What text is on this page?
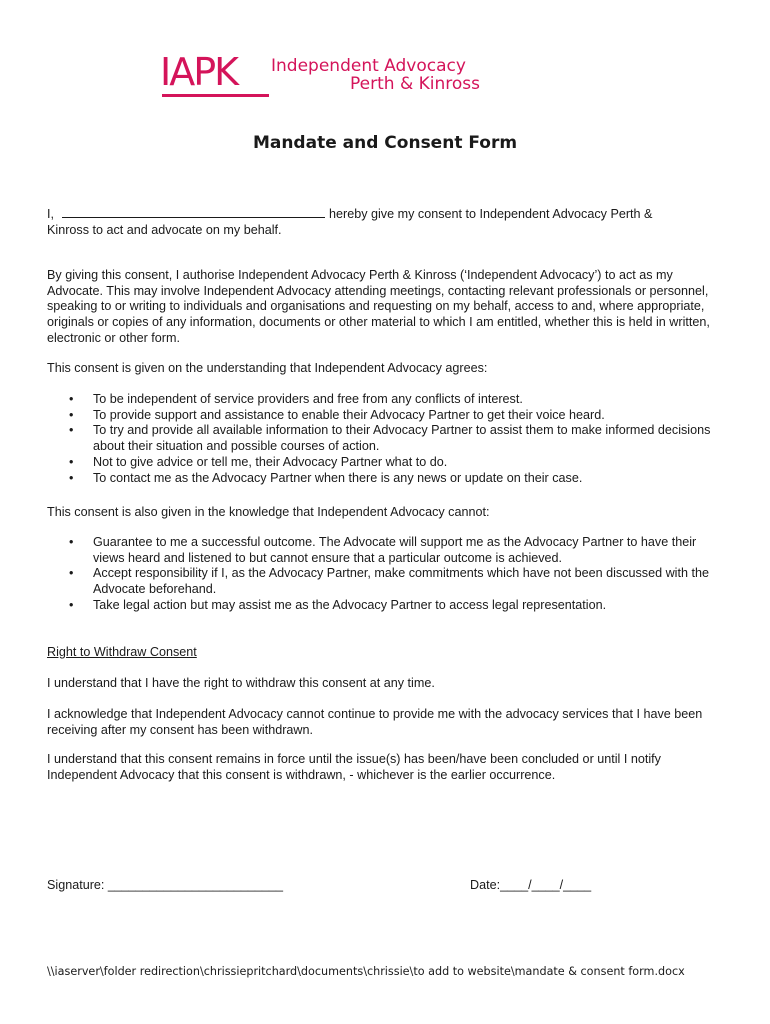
IAPK Independent Advocacy
Perth & Kinross
Mandate and Consent Form
I,	hereby give my consent to Independent Advocacy Perth &
Kinross to act and advocate on my behalf.

By giving this consent, I authorise Independent Advocacy Perth & Kinross (‘Independent Advocacy’) to act as my Advocate. This may involve Independent Advocacy attending meetings, contacting relevant professionals or personnel, speaking to or writing to individuals and organisations and requesting on my behalf, access to and, where appropriate, originals or copies of any information, documents or other material to which I am entitled, whether this is held in written, electronic or other form.

This consent is given on the understanding that Independent Advocacy agrees:

• To be independent of service providers and free from any conflicts of interest.
• To provide support and assistance to enable their Advocacy Partner to get their voice heard.
• To try and provide all available information to their Advocacy Partner to assist them to make informed decisions about their situation and possible courses of action.
• Not to give advice or tell me, their Advocacy Partner what to do.
• To contact me as the Advocacy Partner when there is any news or update on their case.

This consent is also given in the knowledge that Independent Advocacy cannot:

• Guarantee to me a successful outcome. The Advocate will support me as the Advocacy Partner to have their views heard and listened to but cannot ensure that a particular outcome is achieved.
• Accept responsibility if I, as the Advocacy Partner, make commitments which have not been discussed with the Advocate beforehand.
• Take legal action but may assist me as the Advocacy Partner to access legal representation.

Right to Withdraw Consent

I understand that I have the right to withdraw this consent at any time.

I acknowledge that Independent Advocacy cannot continue to provide me with the advocacy services that I have been receiving after my consent has been withdrawn.

I understand that this consent remains in force until the issue(s) has been/have been concluded or until I notify Independent Advocacy that this consent is withdrawn, - whichever is the earlier occurrence.

Signature: _________________________	Date:____/____/____
\\iaserver\folder redirection\chrissiepritchard\documents\chrissie\to add to website\mandate & consent form.docx
